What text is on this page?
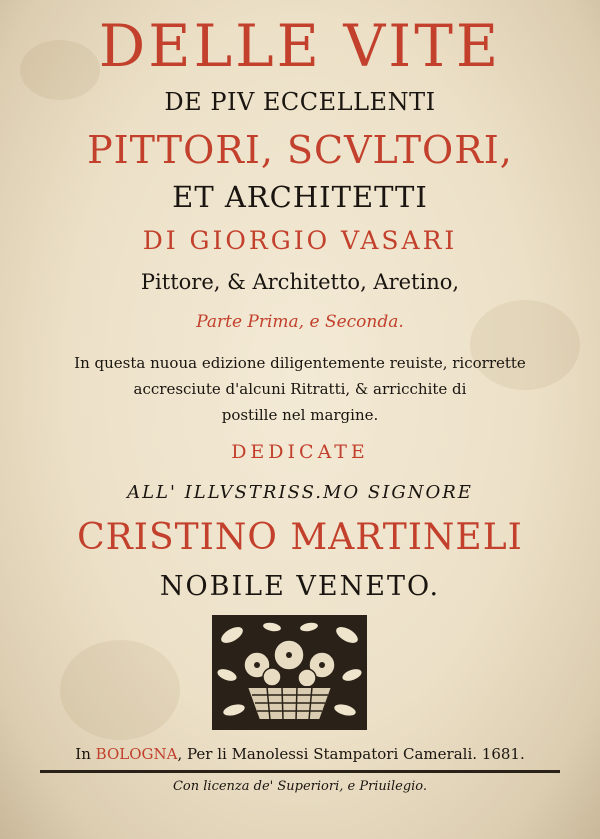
DELLE VITE
DE PIV ECCELLENTI
PITTORI, SCVLTORI,
ET ARCHITETTI
DI GIORGIO VASARI
Pittore, & Architetto, Aretino,
Parte Prima, e Seconda.
In questa nuoua edizione diligentemente reuiste, ricorrette
accresciute d'alcuni Ritratti, & arricchite di
postille nel margine.
DEDICATE
ALL' ILLVSTRISS.MO SIGNORE
CRISTINO MARTINELI
NOBILE VENETO.
In BOLOGNA, Per li Manolessi Stampatori Camerali. 1681.
Con licenza de' Superiori, e Priuilegio.
